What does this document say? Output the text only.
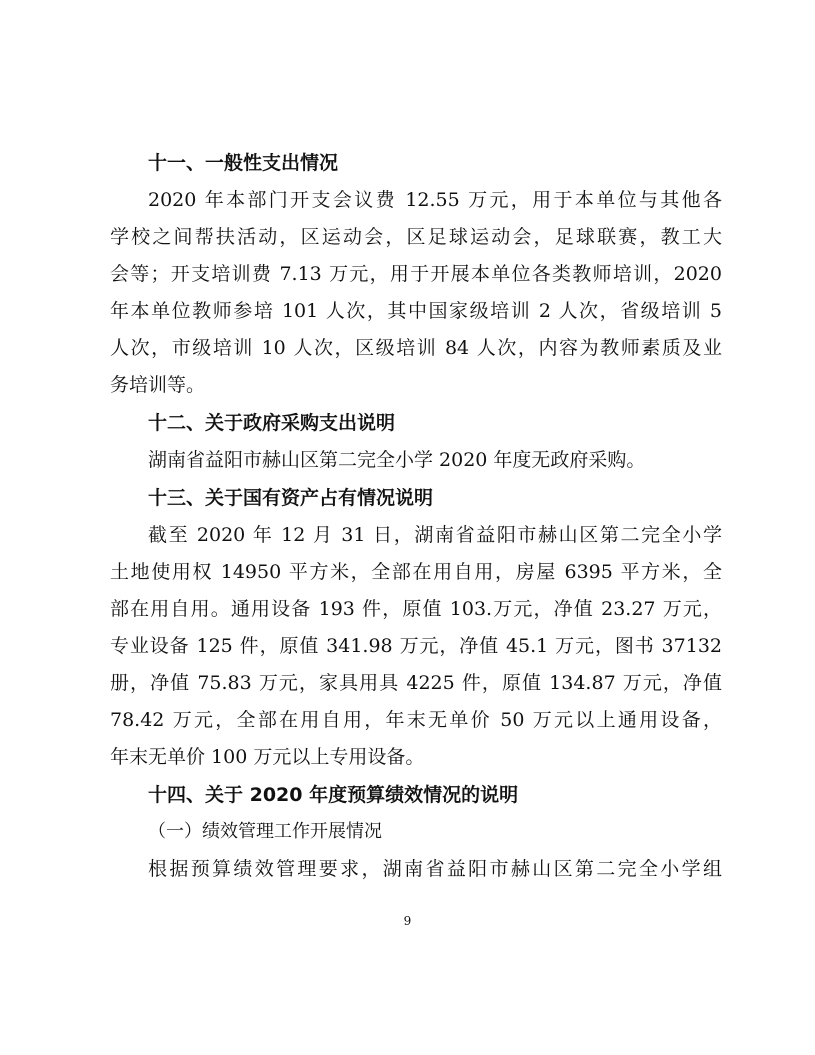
十一、一般性支出情况
2020 年本部门开支会议费 12.55 万元，用于本单位与其他各
学校之间帮扶活动，区运动会，区足球运动会，足球联赛，教工大
会等；开支培训费 7.13 万元，用于开展本单位各类教师培训，2020
年本单位教师参培 101 人次，其中国家级培训 2 人次，省级培训 5
人次，市级培训 10 人次，区级培训 84 人次，内容为教师素质及业
务培训等。
十二、关于政府采购支出说明
湖南省益阳市赫山区第二完全小学 2020 年度无政府采购。
十三、关于国有资产占有情况说明
截至 2020 年 12 月 31 日，湖南省益阳市赫山区第二完全小学
土地使用权 14950 平方米，全部在用自用，房屋 6395 平方米，全
部在用自用。通用设备 193 件，原值 103.万元，净值 23.27 万元，
专业设备 125 件，原值 341.98 万元，净值 45.1 万元，图书 37132
册，净值 75.83 万元，家具用具 4225 件，原值 134.87 万元，净值
78.42 万元，全部在用自用，年末无单价 50 万元以上通用设备，
年末无单价 100 万元以上专用设备。
十四、关于 2020 年度预算绩效情况的说明
（一）绩效管理工作开展情况
根据预算绩效管理要求，湖南省益阳市赫山区第二完全小学组
9
